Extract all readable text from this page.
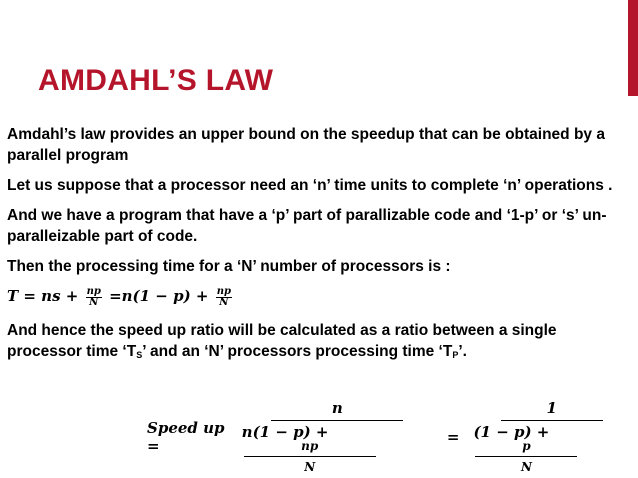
AMDAHL’S LAW

Amdahl’s law provides an upper bound on the speedup that can be obtained by a parallel program

Let us suppose that a processor need an ‘n’ time units to complete ‘n’ operations .

And we have a program that have a ‘p’ part of parallizable code and ‘1-p’ or ‘s’ un-paralleizable part of code.

Then the processing time for a ‘N’ number of processors is :

T = ns + $\frac{np}{N} =n(1 - p) + \frac{np}{N}$

And hence the speed up ratio will be calculated as a ratio between a single processor time ‘$T_S$’ and an ‘N’ processors processing time ‘$T_P$’.

Speed up =	n
n(1 − p) +
$\frac{np}{N} = 1$
(1 − p) +
$\frac{p}{N}$
